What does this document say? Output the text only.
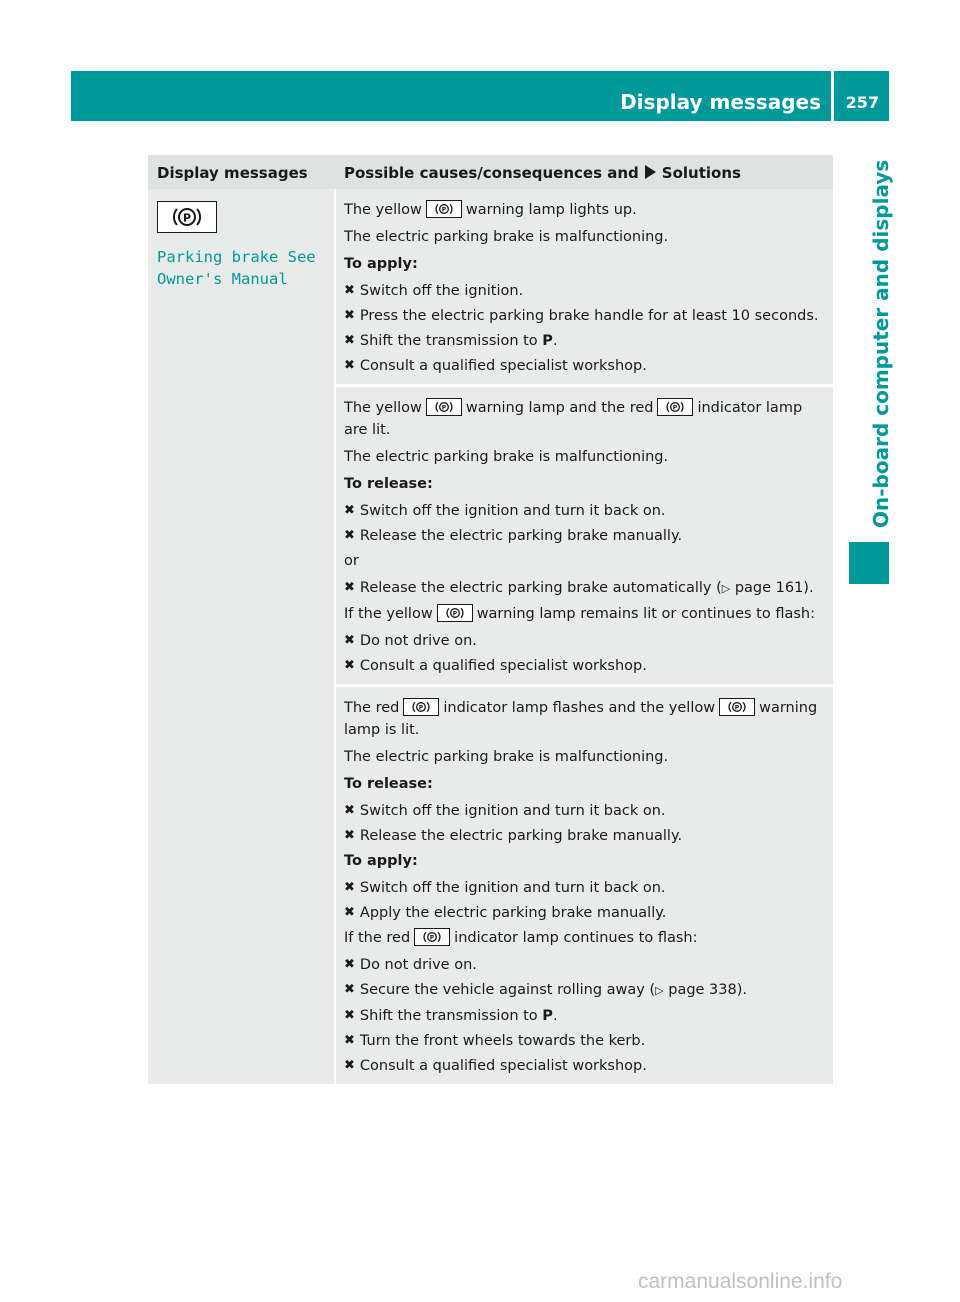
Display messages 257
On-board computer and displays
Display messages	Possible causes/consequences and Solutions
P
Parking brake See
Owner's Manual

The yellow P warning lamp lights up.

The electric parking brake is malfunctioning.

To apply:

✖︎ Switch off the ignition.
✖︎ Press the electric parking brake handle for at least 10 seconds.
✖︎ Shift the transmission to P.
✖︎ Consult a qualified specialist workshop.

The yellow P warning lamp and the red P indicator lamp are lit.

The electric parking brake is malfunctioning.

To release:

✖︎ Switch off the ignition and turn it back on.
✖︎ Release the electric parking brake manually.

or

✖︎ Release the electric parking brake automatically (▷ page 161).

If the yellow P warning lamp remains lit or continues to flash:

✖︎ Do not drive on.
✖︎ Consult a qualified specialist workshop.

The red P indicator lamp flashes and the yellow P warning lamp is lit.

The electric parking brake is malfunctioning.

To release:

✖︎ Switch off the ignition and turn it back on.
✖︎ Release the electric parking brake manually.

To apply:

✖︎ Switch off the ignition and turn it back on.
✖︎ Apply the electric parking brake manually.

If the red P indicator lamp continues to flash:

✖︎ Do not drive on.
✖︎ Secure the vehicle against rolling away (▷ page 338).
✖︎ Shift the transmission to P.
✖︎ Turn the front wheels towards the kerb.
✖︎ Consult a qualified specialist workshop.
carmanualsonline.info
